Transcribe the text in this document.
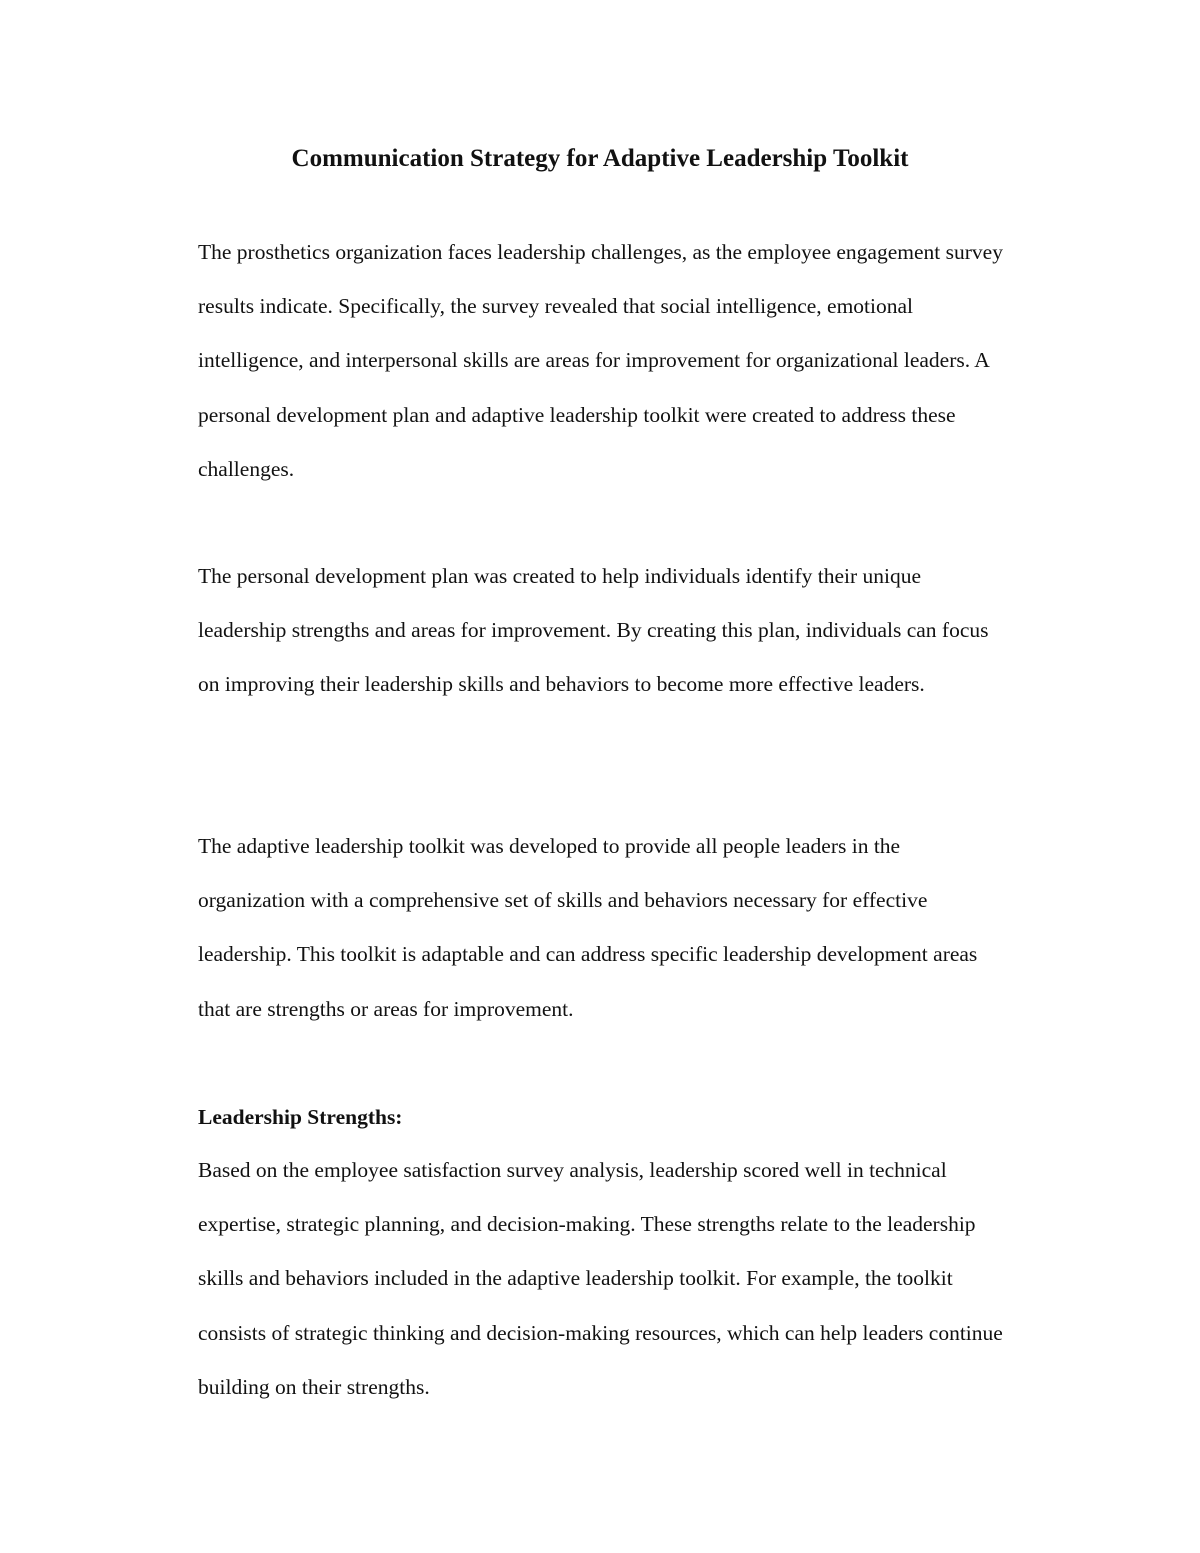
Communication Strategy for Adaptive Leadership Toolkit

The prosthetics organization faces leadership challenges, as the employee engagement survey results indicate. Specifically, the survey revealed that social intelligence, emotional intelligence, and interpersonal skills are areas for improvement for organizational leaders. A personal development plan and adaptive leadership toolkit were created to address these challenges.

The personal development plan was created to help individuals identify their unique leadership strengths and areas for improvement. By creating this plan, individuals can focus on improving their leadership skills and behaviors to become more effective leaders.

The adaptive leadership toolkit was developed to provide all people leaders in the organization with a comprehensive set of skills and behaviors necessary for effective leadership. This toolkit is adaptable and can address specific leadership development areas that are strengths or areas for improvement.

Leadership Strengths:

Based on the employee satisfaction survey analysis, leadership scored well in technical expertise, strategic planning, and decision-making. These strengths relate to the leadership skills and behaviors included in the adaptive leadership toolkit. For example, the toolkit consists of strategic thinking and decision-making resources, which can help leaders continue building on their strengths.
